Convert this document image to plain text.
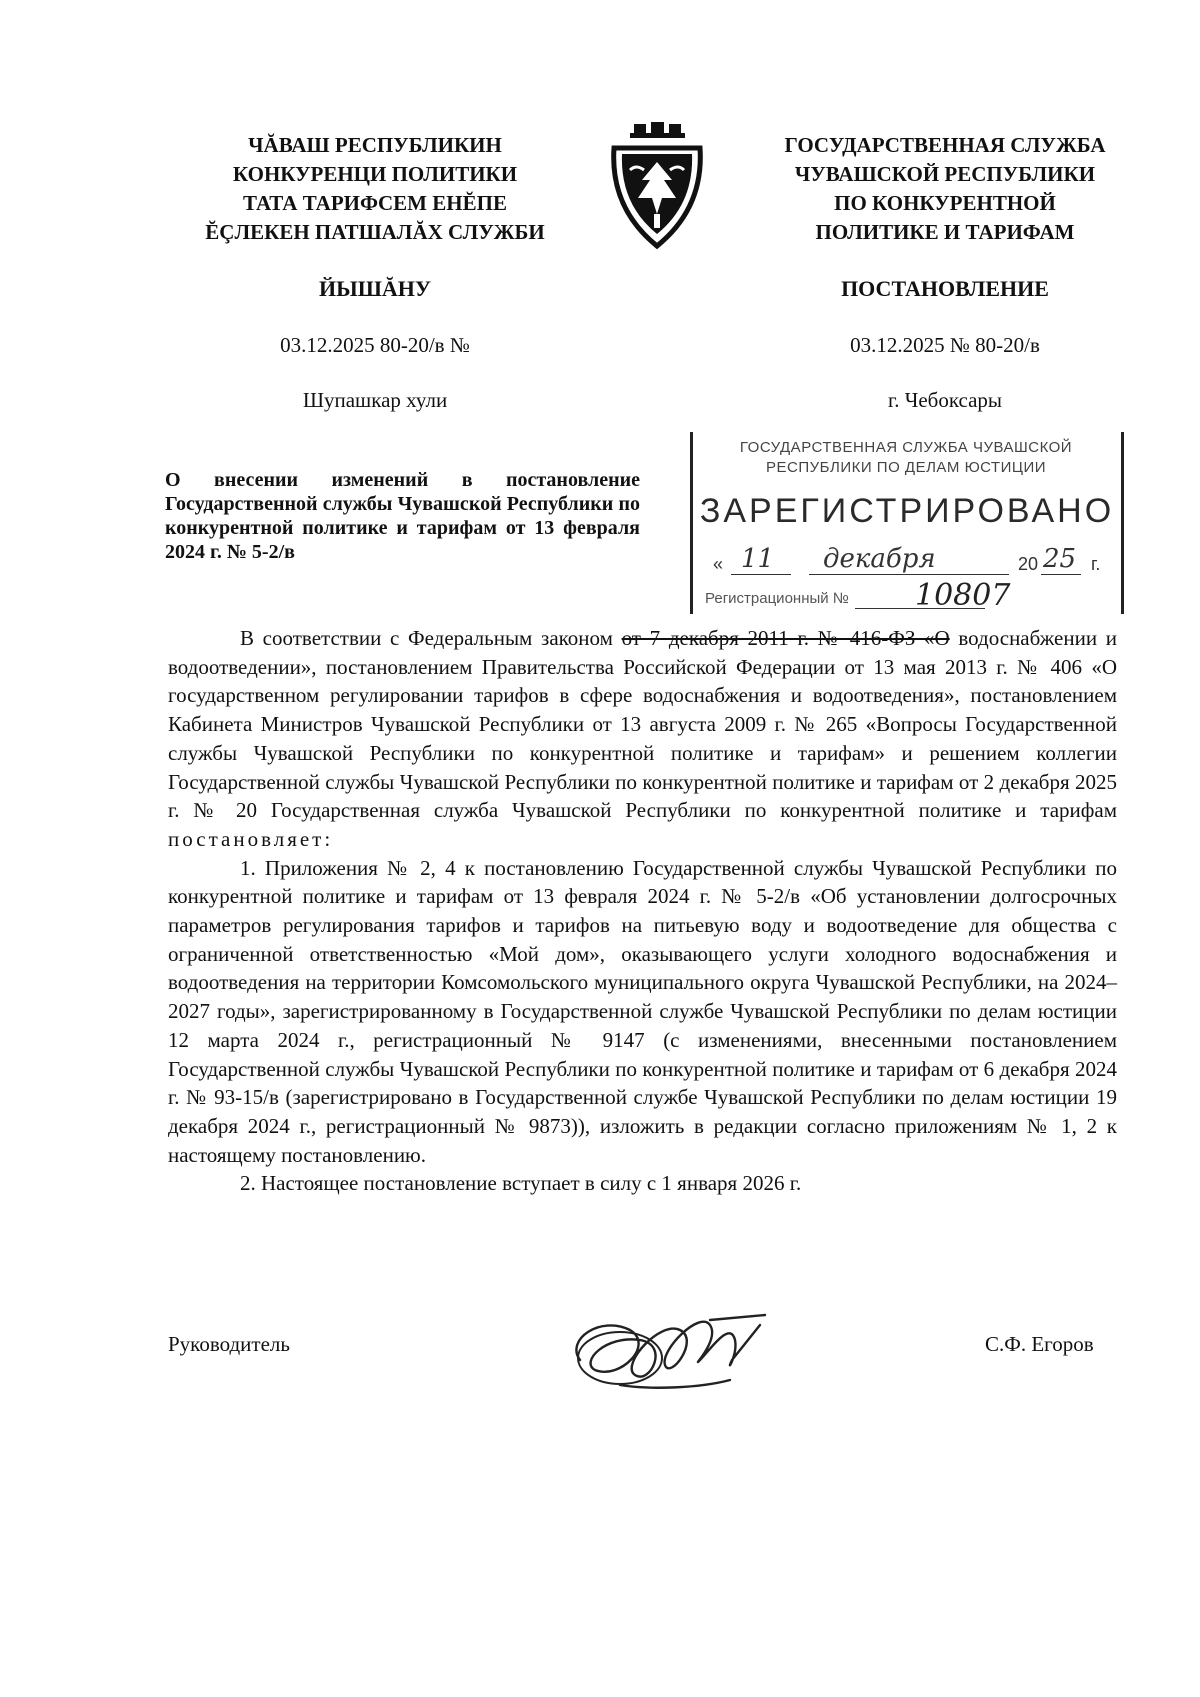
ЧĂВАШ РЕСПУБЛИКИН
КОНКУРЕНЦИ ПОЛИТИКИ
ТАТА ТАРИФСЕМ ЕНĔПЕ
ĔÇЛЕКЕН ПАТШАЛĂХ СЛУЖБИ
ГОСУДАРСТВЕННАЯ СЛУЖБА
ЧУВАШСКОЙ РЕСПУБЛИКИ
ПО КОНКУРЕНТНОЙ
ПОЛИТИКЕ И ТАРИФАМ
ЙЫШĂНУ	ПОСТАНОВЛЕНИЕ
03.12.2025 80-20/в №	03.12.2025 № 80-20/в
Шупашкар хули	г. Чебоксары
О внесении изменений в постановление Государственной службы Чувашской Республики по конкурентной политике и тарифам от 13 февраля 2024 г. № 5-2/в
ГОСУДАРСТВЕННАЯ СЛУЖБА ЧУВАШСКОЙ
РЕСПУБЛИКИ ПО ДЕЛАМ ЮСТИЦИИ
ЗАРЕГИСТРИРОВАНО
« 11 декабря	20 25 г.
Регистрационный № 10807

В соответствии с Федеральным законом от 7 декабря 2011 г. № 416-ФЗ «О водоснабжении и водоотведении», постановлением Правительства Российской Федерации от 13 мая 2013 г. № 406 «О государственном регулировании тарифов в сфере водоснабжения и водоотведения», постановлением Кабинета Министров Чувашской Республики от 13 августа 2009 г. № 265 «Вопросы Государственной службы Чувашской Республики по конкурентной политике и тарифам» и решением коллегии Государственной службы Чувашской Республики по конкурентной политике и тарифам от 2 декабря 2025 г. № 20 Государственная служба Чувашской Республики по конкурентной политике и тарифам постановляет:

1. Приложения № 2, 4 к постановлению Государственной службы Чувашской Республики по конкурентной политике и тарифам от 13 февраля 2024 г. № 5-2/в «Об установлении долгосрочных параметров регулирования тарифов и тарифов на питьевую воду и водоотведение для общества с ограниченной ответственностью «Мой дом», оказывающего услуги холодного водоснабжения и водоотведения на территории Комсомольского муниципального округа Чувашской Республики, на 2024–2027 годы», зарегистрированному в Государственной службе Чувашской Республики по делам юстиции 12 марта 2024 г., регистрационный № 9147 (с изменениями, внесенными постановлением Государственной службы Чувашской Республики по конкурентной политике и тарифам от 6 декабря 2024 г. № 93-15/в (зарегистрировано в Государственной службе Чувашской Республики по делам юстиции 19 декабря 2024 г., регистрационный № 9873)), изложить в редакции согласно приложениям № 1, 2 к настоящему постановлению.

2. Настоящее постановление вступает в силу с 1 января 2026 г.

Руководитель	С.Ф. Егоров
